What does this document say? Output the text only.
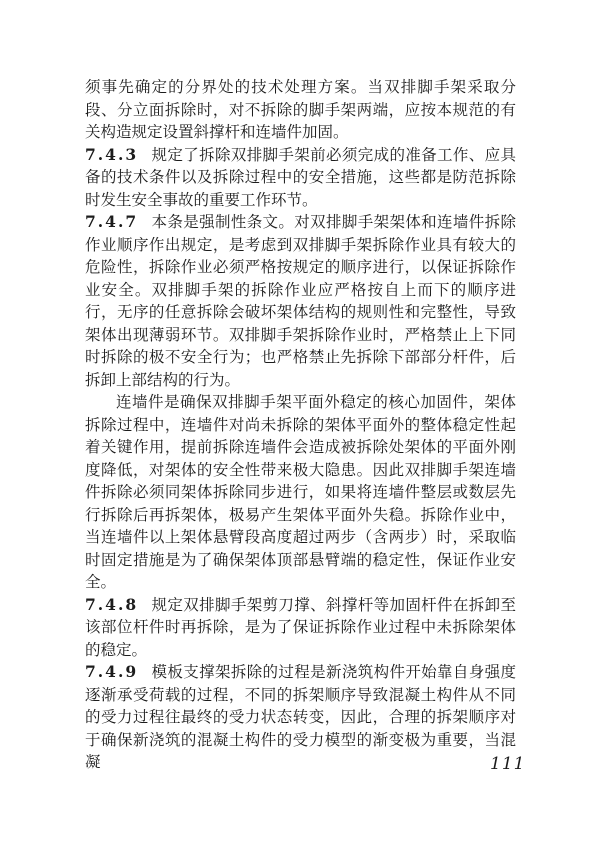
须事先确定的分界处的技术处理方案。当双排脚手架采取分段、分立面拆除时，对不拆除的脚手架两端，应按本规范的有关构造规定设置斜撑杆和连墙件加固。

7.4.3 规定了拆除双排脚手架前必须完成的准备工作、应具备的技术条件以及拆除过程中的安全措施，这些都是防范拆除时发生安全事故的重要工作环节。

7.4.7 本条是强制性条文。对双排脚手架架体和连墙件拆除作业顺序作出规定，是考虑到双排脚手架拆除作业具有较大的危险性，拆除作业必须严格按规定的顺序进行，以保证拆除作业安全。双排脚手架的拆除作业应严格按自上而下的顺序进行，无序的任意拆除会破坏架体结构的规则性和完整性，导致架体出现薄弱环节。双排脚手架拆除作业时，严格禁止上下同时拆除的极不安全行为；也严格禁止先拆除下部部分杆件，后拆卸上部结构的行为。

连墙件是确保双排脚手架平面外稳定的核心加固件，架体拆除过程中，连墙件对尚未拆除的架体平面外的整体稳定性起着关键作用，提前拆除连墙件会造成被拆除处架体的平面外刚度降低，对架体的安全性带来极大隐患。因此双排脚手架连墙件拆除必须同架体拆除同步进行，如果将连墙件整层或数层先行拆除后再拆架体，极易产生架体平面外失稳。拆除作业中，当连墙件以上架体悬臂段高度超过两步（含两步）时，采取临时固定措施是为了确保架体顶部悬臂端的稳定性，保证作业安全。

7.4.8 规定双排脚手架剪刀撑、斜撑杆等加固杆件在拆卸至该部位杆件时再拆除，是为了保证拆除作业过程中未拆除架体的稳定。

7.4.9 模板支撑架拆除的过程是新浇筑构件开始靠自身强度逐渐承受荷载的过程，不同的拆架顺序导致混凝土构件从不同的受力过程往最终的受力状态转变，因此，合理的拆架顺序对于确保新浇筑的混凝土构件的受力模型的渐变极为重要，当混凝	111
